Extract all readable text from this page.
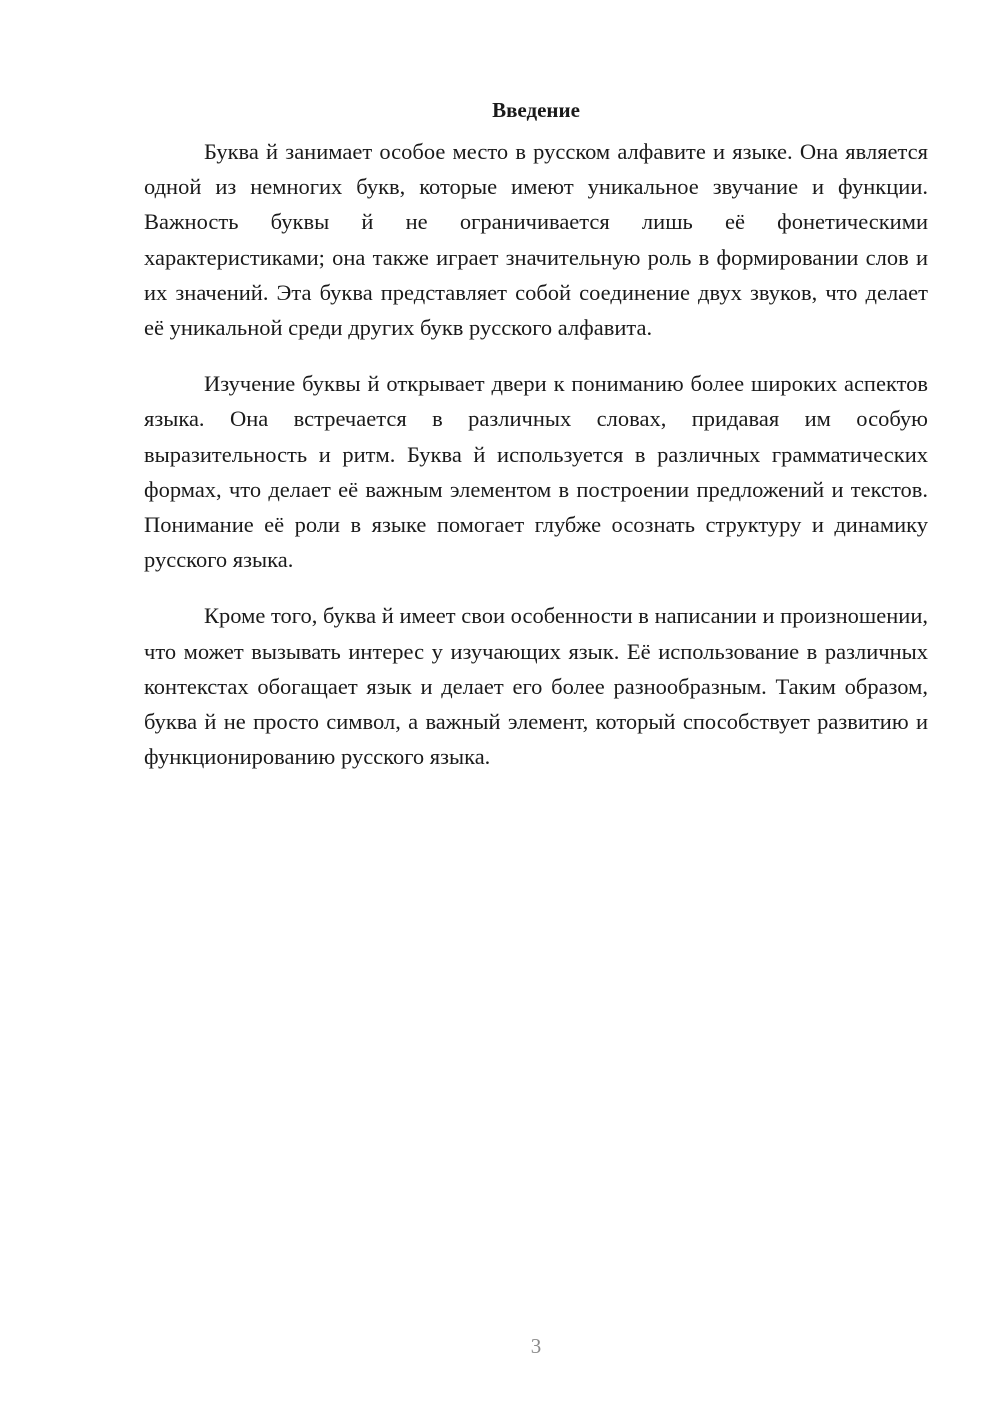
Введение

Буква й занимает особое место в русском алфавите и языке. Она является одной из немногих букв, которые имеют уникальное звучание и функции. Важность буквы й не ограничивается лишь её фонетическими характеристиками; она также играет значительную роль в формировании слов и их значений. Эта буква представляет собой соединение двух звуков, что делает её уникальной среди других букв русского алфавита.

Изучение буквы й открывает двери к пониманию более широких аспектов языка. Она встречается в различных словах, придавая им особую выразительность и ритм. Буква й используется в различных грамматических формах, что делает её важным элементом в построении предложений и текстов. Понимание её роли в языке помогает глубже осознать структуру и динамику русского языка.

Кроме того, буква й имеет свои особенности в написании и произношении, что может вызывать интерес у изучающих язык. Её использование в различных контекстах обогащает язык и делает его более разнообразным. Таким образом, буква й не просто символ, а важный элемент, который способствует развитию и функционированию русского языка.

3
